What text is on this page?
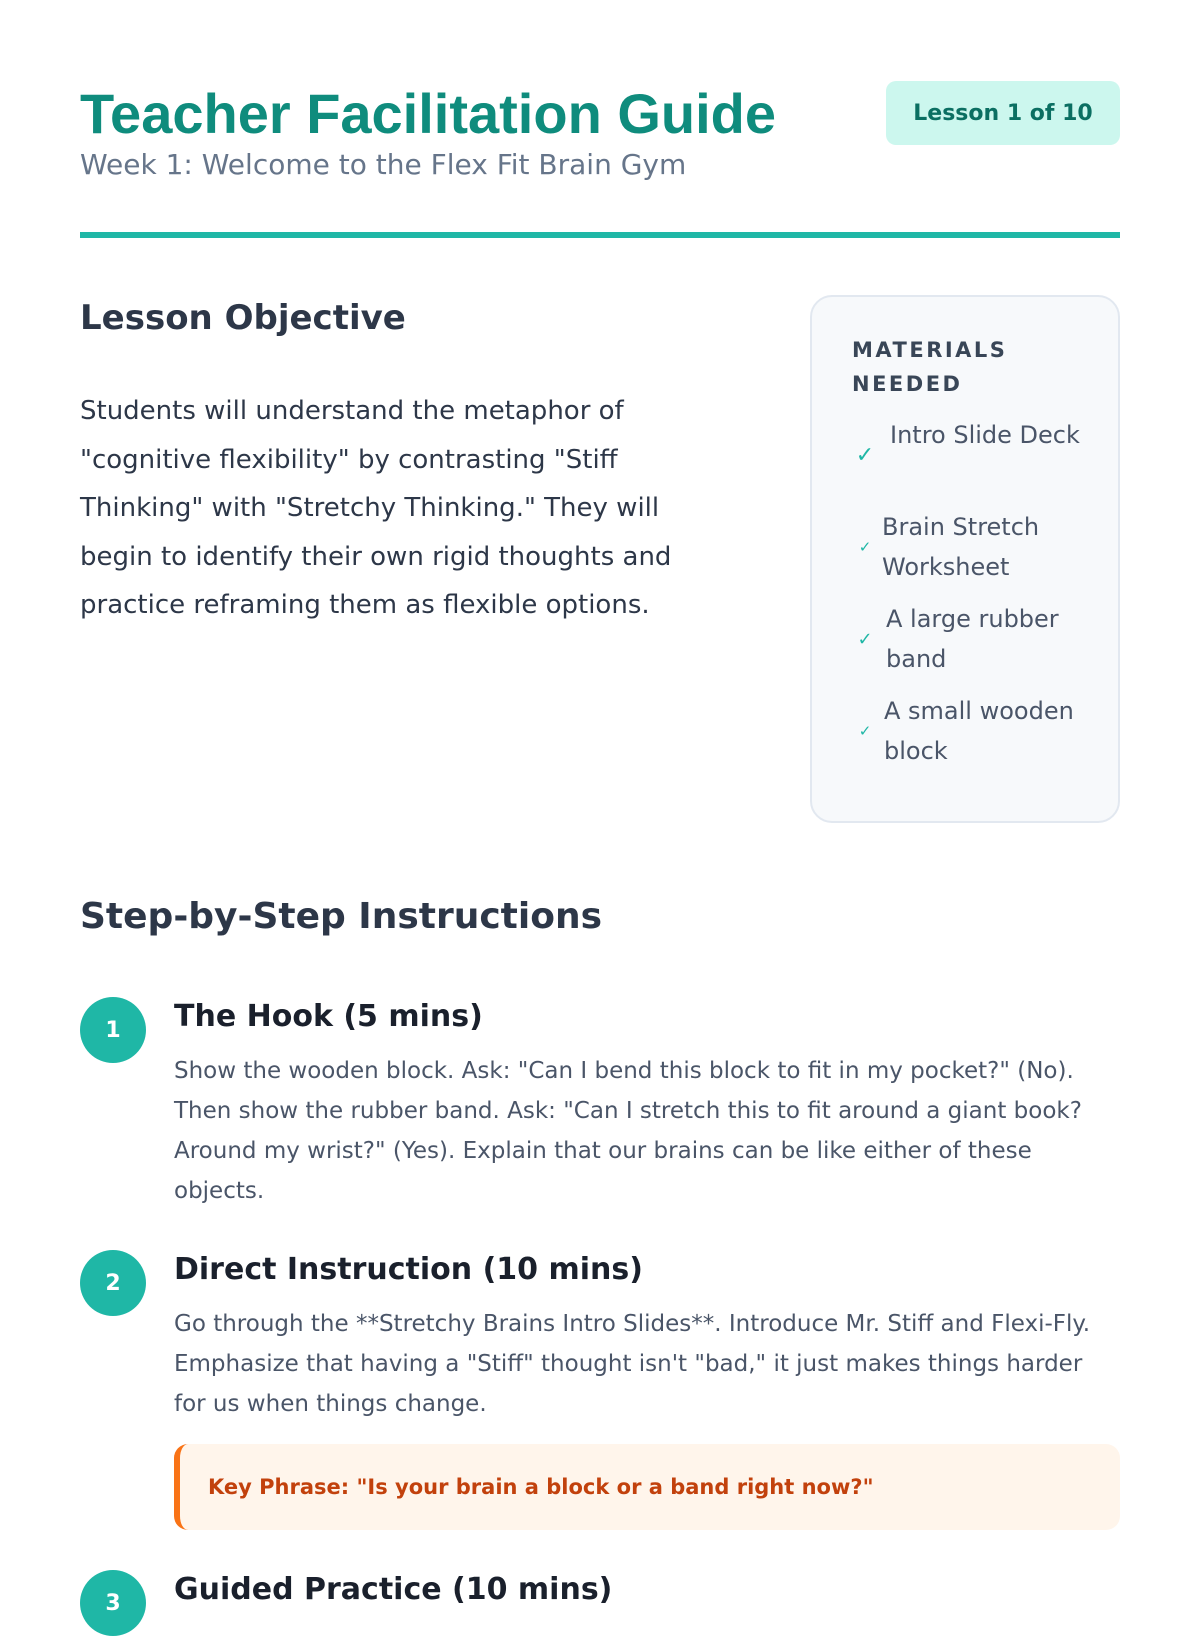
Teacher Facilitation Guide
Week 1: Welcome to the Flex Fit Brain Gym
Lesson 1 of 10
Lesson Objective

Students will understand the metaphor of "cognitive flexibility" by contrasting "Stiff Thinking" with "Stretchy Thinking." They will begin to identify their own rigid thoughts and practice reframing them as flexible options.

MATERIALS NEEDED
✓
Intro Slide Deck
✓
Brain Stretch Worksheet
✓
A large rubber band
✓
A small wooden block
Step-by-Step Instructions
1	The Hook (5 mins)

Show the wooden block. Ask: "Can I bend this block to fit in my pocket?" (No). Then show the rubber band. Ask: "Can I stretch this to fit around a giant book? Around my wrist?" (Yes). Explain that our brains can be like either of these objects.

2	Direct Instruction (10 mins)

Go through the **Stretchy Brains Intro Slides**. Introduce Mr. Stiff and Flexi-Fly. Emphasize that having a "Stiff" thought isn't "bad," it just makes things harder for us when things change.

Key Phrase: "Is your brain a block or a band right now?"
3	Guided Practice (10 mins)
